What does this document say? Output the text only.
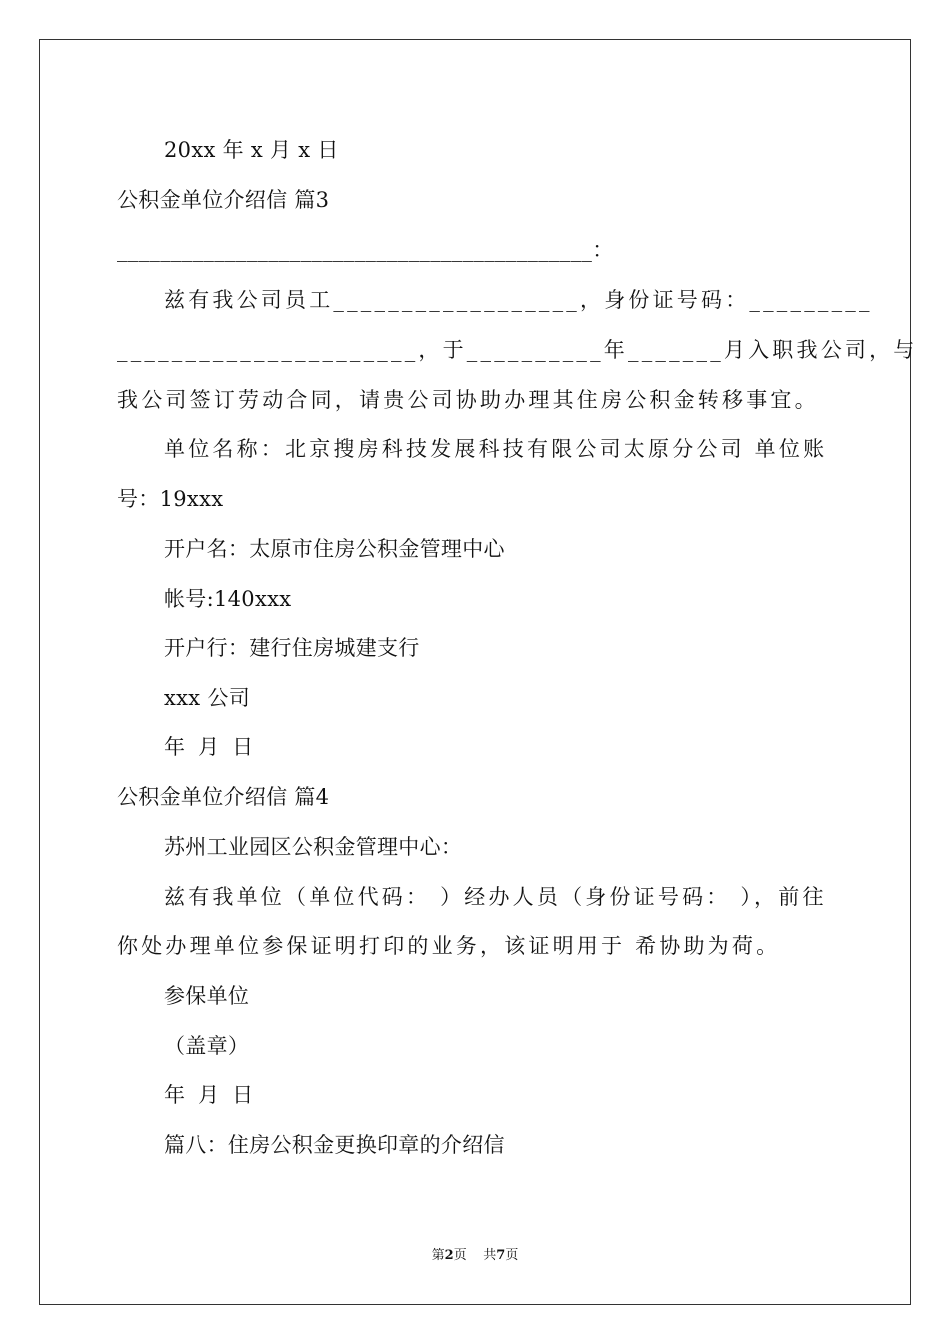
20xx 年 x 月 x 日
公积金单位介绍信 篇3
____________________________________________：
兹有我公司员工__________________，身份证号码：_________
______________________，于__________年_______月入职我公司，与
我公司签订劳动合同，请贵公司协助办理其住房公积金转移事宜。
单位名称：北京搜房科技发展科技有限公司太原分公司 单位账
号：19xxx
开户名：太原市住房公积金管理中心
帐号:140xxx
开户行：建行住房城建支行
xxx 公司
年 月 日
公积金单位介绍信 篇4
苏州工业园区公积金管理中心：
兹有我单位（单位代码： ）经办人员（身份证号码： ），前往
你处办理单位参保证明打印的业务，该证明用于 希协助为荷。
参保单位
（盖章）
年 月 日
篇八：住房公积金更换印章的介绍信
第2页 共7页
